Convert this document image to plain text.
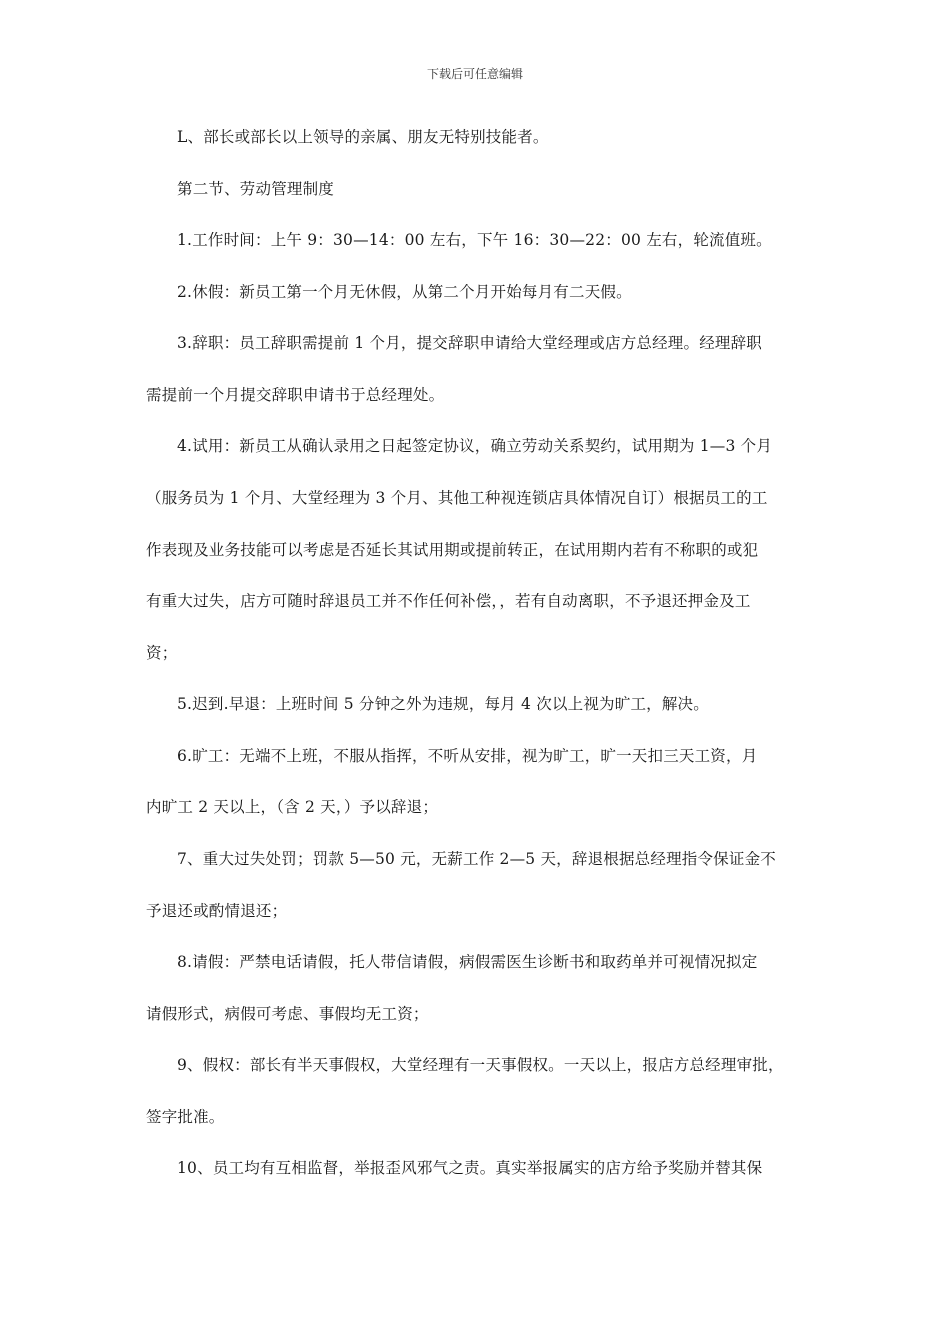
下载后可任意编辑
L、部长或部长以上领导的亲属、朋友无特别技能者。
第二节、劳动管理制度
1.工作时间：上午 9：30—14：00 左右，下午 16：30—22：00 左右，轮流值班。
2.休假：新员工第一个月无休假，从第二个月开始每月有二天假。
3.辞职：员工辞职需提前 1 个月，提交辞职申请给大堂经理或店方总经理。经理辞职
需提前一个月提交辞职申请书于总经理处。
4.试用：新员工从确认录用之日起签定协议，确立劳动关系契约，试用期为 1—3 个月
（服务员为 1 个月、大堂经理为 3 个月、其他工种视连锁店具体情况自订）根据员工的工
作表现及业务技能可以考虑是否延长其试用期或提前转正，在试用期内若有不称职的或犯
有重大过失，店方可随时辞退员工并不作任何补偿，，若有自动离职，不予退还押金及工
资；
5.迟到.早退：上班时间 5 分钟之外为违规，每月 4 次以上视为旷工，解决。
6.旷工：无端不上班，不服从指挥，不听从安排，视为旷工，旷一天扣三天工资，月
内旷工 2 天以上，（含 2 天，）予以辞退；
7、重大过失处罚；罚款 5—50 元，无薪工作 2—5 天，辞退根据总经理指令保证金不
予退还或酌情退还；
8.请假：严禁电话请假，托人带信请假，病假需医生诊断书和取药单并可视情况拟定
请假形式，病假可考虑、事假均无工资；
9、假权：部长有半天事假权，大堂经理有一天事假权。一天以上，报店方总经理审批，
签字批准。
10、员工均有互相监督，举报歪风邪气之责。真实举报属实的店方给予奖励并替其保
